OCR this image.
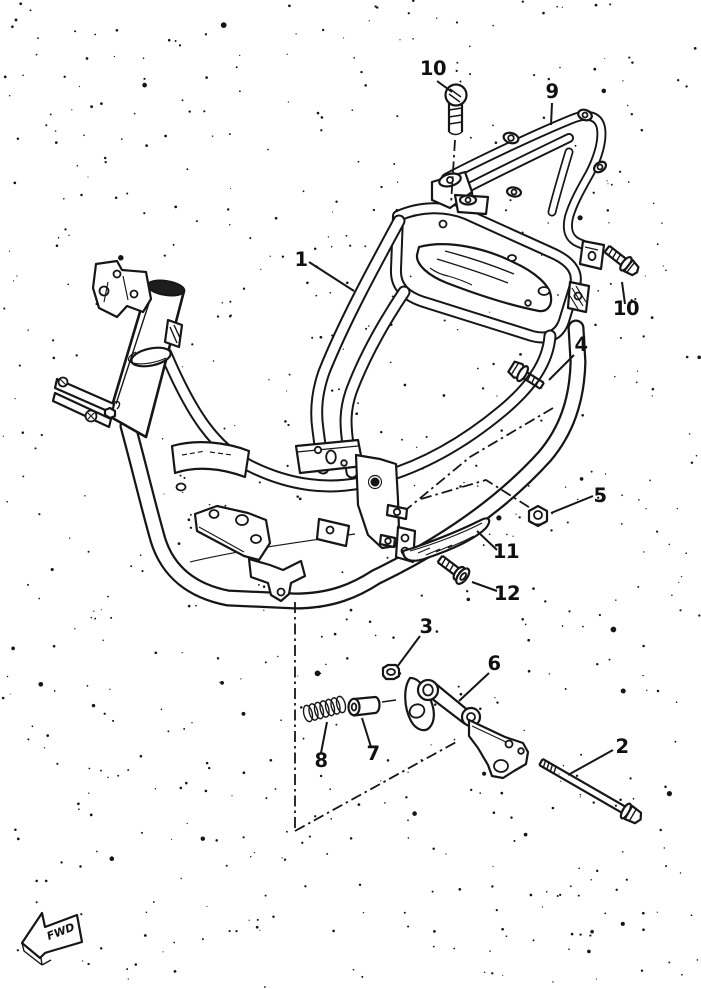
10
9
1
10
4
5
11
12
3
6
7
8
2
FWD
